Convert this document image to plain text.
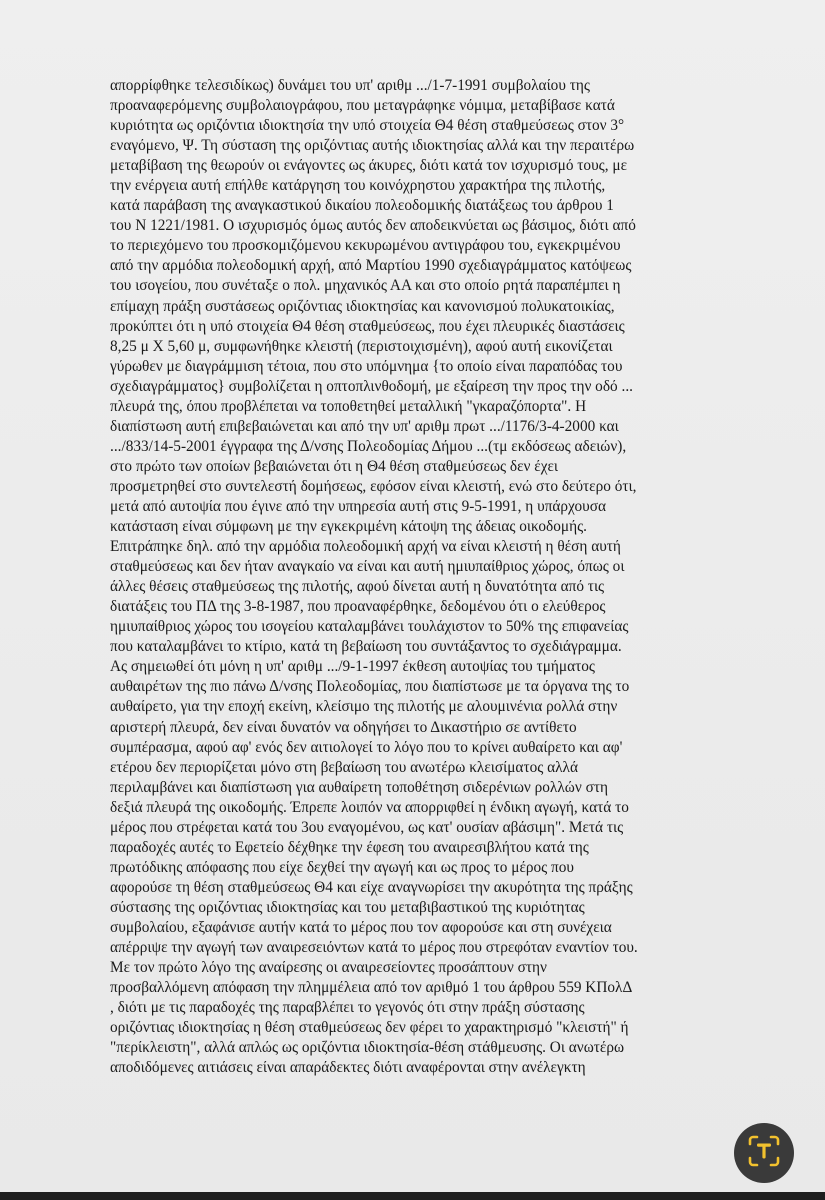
απορρίφθηκε τελεσιδίκως) δυνάμει του υπ' αριθμ .../1-7-1991 συμβολαίου της
προαναφερόμενης συμβολαιογράφου, που μεταγράφηκε νόμιμα, μεταβίβασε κατά
κυριότητα ως οριζόντια ιδιοκτησία την υπό στοιχεία Θ4 θέση σταθμεύσεως στον 3°
εναγόμενο, Ψ. Τη σύσταση της οριζόντιας αυτής ιδιοκτησίας αλλά και την περαιτέρω
μεταβίβαση της θεωρούν οι ενάγοντες ως άκυρες, διότι κατά τον ισχυρισμό τους, με
την ενέργεια αυτή επήλθε κατάργηση του κοινόχρηστου χαρακτήρα της πιλοτής,
κατά παράβαση της αναγκαστικού δικαίου πολεοδομικής διατάξεως του άρθρου 1
του Ν 1221/1981. Ο ισχυρισμός όμως αυτός δεν αποδεικνύεται ως βάσιμος, διότι από
το περιεχόμενο του προσκομιζόμενου κεκυρωμένου αντιγράφου του, εγκεκριμένου
από την αρμόδια πολεοδομική αρχή, από Μαρτίου 1990 σχεδιαγράμματος κατόψεως
του ισογείου, που συνέταξε ο πολ. μηχανικός ΑΑ και στο οποίο ρητά παραπέμπει η
επίμαχη πράξη συστάσεως οριζόντιας ιδιοκτησίας και κανονισμού πολυκατοικίας,
προκύπτει ότι η υπό στοιχεία Θ4 θέση σταθμεύσεως, που έχει πλευρικές διαστάσεις
8,25 μ Χ 5,60 μ, συμφωνήθηκε κλειστή (περιστοιχισμένη), αφού αυτή εικονίζεται
γύρωθεν με διαγράμμιση τέτοια, που στο υπόμνημα {το οποίο είναι παραπόδας του
σχεδιαγράμματος} συμβολίζεται η οπτοπλινθοδομή, με εξαίρεση την προς την οδό ...
πλευρά της, όπου προβλέπεται να τοποθετηθεί μεταλλική "γκαραζόπορτα". Η
διαπίστωση αυτή επιβεβαιώνεται και από την υπ' αριθμ πρωτ .../1176/3-4-2000 και
.../833/14-5-2001 έγγραφα της Δ/νσης Πολεοδομίας Δήμου ...(τμ εκδόσεως αδειών),
στο πρώτο των οποίων βεβαιώνεται ότι η Θ4 θέση σταθμεύσεως δεν έχει
προσμετρηθεί στο συντελεστή δομήσεως, εφόσον είναι κλειστή, ενώ στο δεύτερο ότι,
μετά από αυτοψία που έγινε από την υπηρεσία αυτή στις 9-5-1991, η υπάρχουσα
κατάσταση είναι σύμφωνη με την εγκεκριμένη κάτοψη της άδειας οικοδομής.
Επιτράπηκε δηλ. από την αρμόδια πολεοδομική αρχή να είναι κλειστή η θέση αυτή
σταθμεύσεως και δεν ήταν αναγκαίο να είναι και αυτή ημιυπαίθριος χώρος, όπως οι
άλλες θέσεις σταθμεύσεως της πιλοτής, αφού δίνεται αυτή η δυνατότητα από τις
διατάξεις του ΠΔ της 3-8-1987, που προαναφέρθηκε, δεδομένου ότι ο ελεύθερος
ημιυπαίθριος χώρος του ισογείου καταλαμβάνει τουλάχιστον το 50% της επιφανείας
που καταλαμβάνει το κτίριο, κατά τη βεβαίωση του συντάξαντος το σχεδιάγραμμα.
Ας σημειωθεί ότι μόνη η υπ' αριθμ .../9-1-1997 έκθεση αυτοψίας του τμήματος
αυθαιρέτων της πιο πάνω Δ/νσης Πολεοδομίας, που διαπίστωσε με τα όργανα της το
αυθαίρετο, για την εποχή εκείνη, κλείσιμο της πιλοτής με αλουμινένια ρολλά στην
αριστερή πλευρά, δεν είναι δυνατόν να οδηγήσει το Δικαστήριο σε αντίθετο
συμπέρασμα, αφού αφ' ενός δεν αιτιολογεί το λόγο που το κρίνει αυθαίρετο και αφ'
ετέρου δεν περιορίζεται μόνο στη βεβαίωση του ανωτέρω κλεισίματος αλλά
περιλαμβάνει και διαπίστωση για αυθαίρετη τοποθέτηση σιδερένιων ρολλών στη
δεξιά πλευρά της οικοδομής. Έπρεπε λοιπόν να απορριφθεί η ένδικη αγωγή, κατά το
μέρος που στρέφεται κατά του 3ου εναγομένου, ως κατ' ουσίαν αβάσιμη". Μετά τις
παραδοχές αυτές το Εφετείο δέχθηκε την έφεση του αναιρεσιβλήτου κατά της
πρωτόδικης απόφασης που είχε δεχθεί την αγωγή και ως προς το μέρος που
αφορούσε τη θέση σταθμεύσεως Θ4 και είχε αναγνωρίσει την ακυρότητα της πράξης
σύστασης της οριζόντιας ιδιοκτησίας και του μεταβιβαστικού της κυριότητας
συμβολαίου, εξαφάνισε αυτήν κατά το μέρος που τον αφορούσε και στη συνέχεια
απέρριψε την αγωγή των αναιρεσειόντων κατά το μέρος που στρεφόταν εναντίον του.
Με τον πρώτο λόγο της αναίρεσης οι αναιρεσείοντες προσάπτουν στην
προσβαλλόμενη απόφαση την πλημμέλεια από τον αριθμό 1 του άρθρου 559 ΚΠολΔ
, διότι με τις παραδοχές της παραβλέπει το γεγονός ότι στην πράξη σύστασης
οριζόντιας ιδιοκτησίας η θέση σταθμεύσεως δεν φέρει το χαρακτηρισμό "κλειστή" ή
"περίκλειστη", αλλά απλώς ως οριζόντια ιδιοκτησία-θέση στάθμευσης. Οι ανωτέρω
αποδιδόμενες αιτιάσεις είναι απαράδεκτες διότι αναφέρονται στην ανέλεγκτη
